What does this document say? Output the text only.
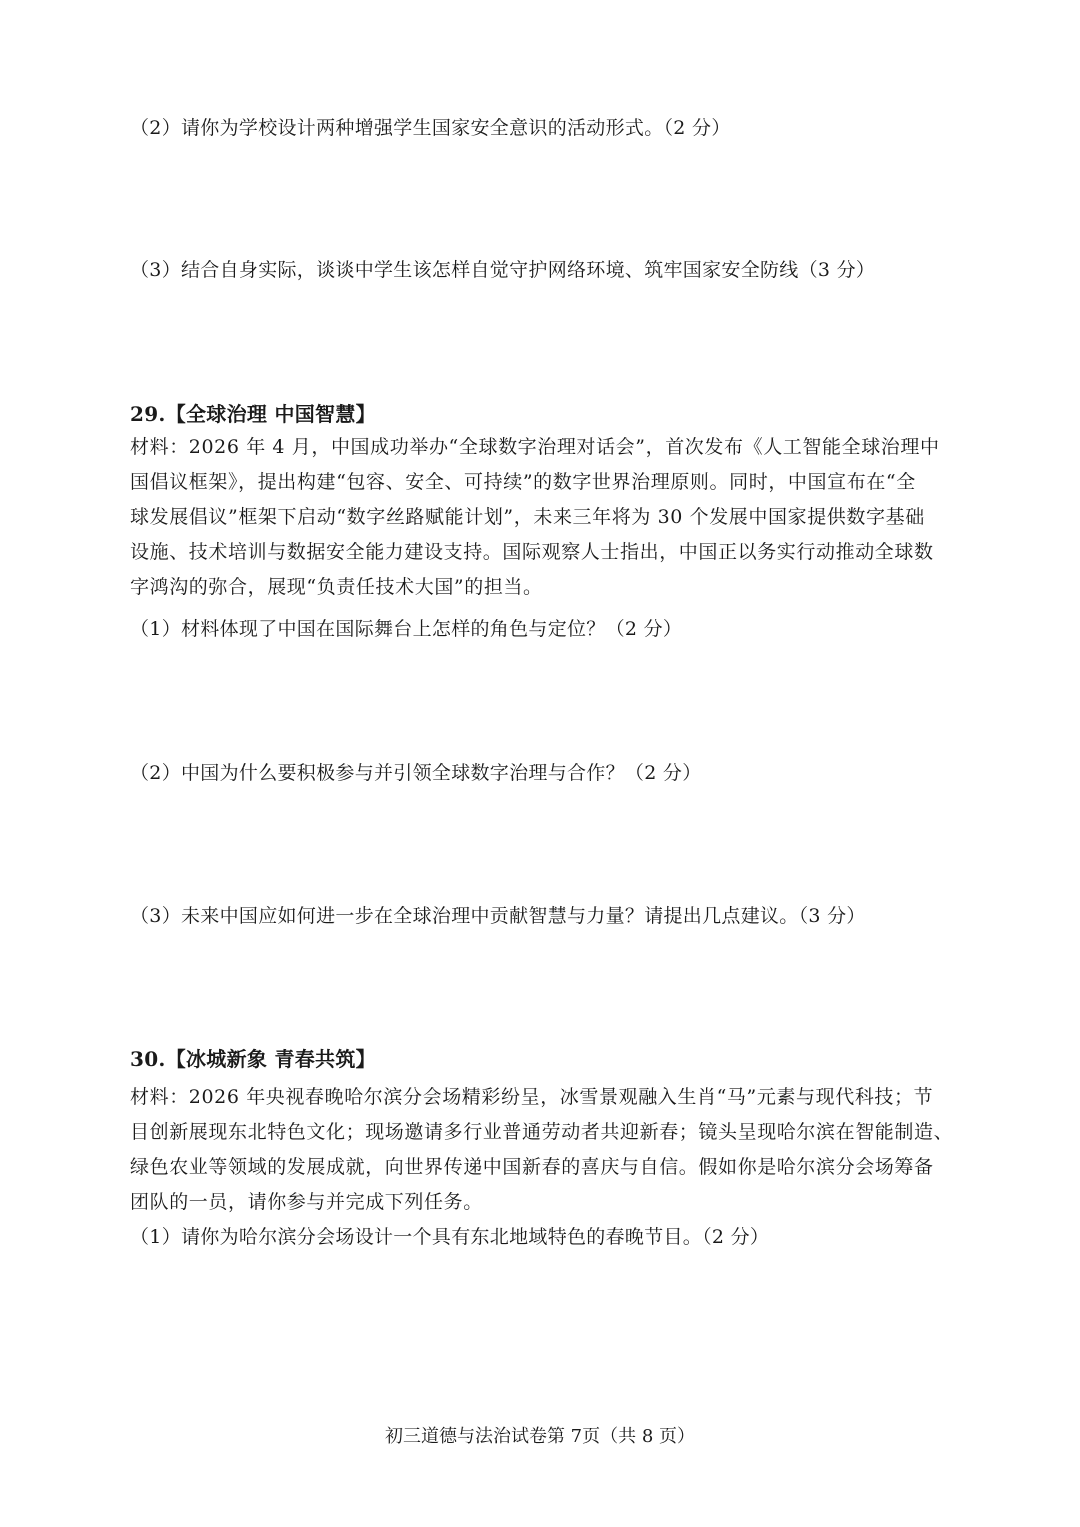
（2）请你为学校设计两种增强学生国家安全意识的活动形式。（2 分）
（3）结合自身实际，谈谈中学生该怎样自觉守护网络环境、筑牢国家安全防线（3 分）
29.【全球治理 中国智慧】
材料：2026 年 4 月，中国成功举办“全球数字治理对话会”，首次发布《人工智能全球治理中
国倡议框架》，提出构建“包容、安全、可持续”的数字世界治理原则。同时，中国宣布在“全
球发展倡议”框架下启动“数字丝路赋能计划”，未来三年将为 30 个发展中国家提供数字基础
设施、技术培训与数据安全能力建设支持。国际观察人士指出，中国正以务实行动推动全球数
字鸿沟的弥合，展现“负责任技术大国”的担当。
（1）材料体现了中国在国际舞台上怎样的角色与定位？（2 分）
（2）中国为什么要积极参与并引领全球数字治理与合作？（2 分）
（3）未来中国应如何进一步在全球治理中贡献智慧与力量？请提出几点建议。（3 分）
30.【冰城新象 青春共筑】
材料：2026 年央视春晚哈尔滨分会场精彩纷呈，冰雪景观融入生肖“马”元素与现代科技；节
目创新展现东北特色文化；现场邀请多行业普通劳动者共迎新春；镜头呈现哈尔滨在智能制造、
绿色农业等领域的发展成就，向世界传递中国新春的喜庆与自信。假如你是哈尔滨分会场筹备
团队的一员，请你参与并完成下列任务。
（1）请你为哈尔滨分会场设计一个具有东北地域特色的春晚节目。（2 分）
初三道德与法治试卷第 7页（共 8 页）
